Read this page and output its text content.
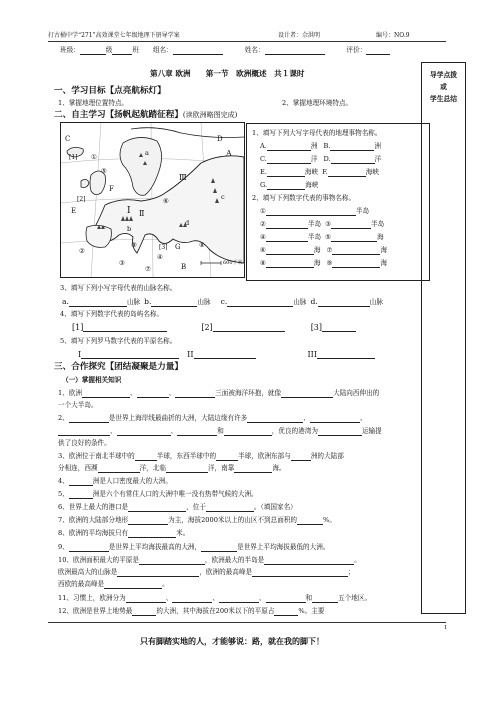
打古桶中学“271”高效课堂七年级地理下册导学案	设计者：佘洪明	编号：NO.9
班级：	级	班 组名：	姓名：	评价：
第八章 欧洲　　第一节　欧洲概述　共１课时	导学点拨
或
学生总结
一、学习目标【点亮航标灯】
1、掌握地理位置特点。	2、掌握地理环境特点。
二、自主学习【扬帆起航踏征程】(读欧洲略图完成)
600千米
A
B
C	D
E
F
G
Ⅰ Ⅱ
Ⅲ
①
②
③
④
⑤
⑥
⑦
⑧
⑨
[1]
[2]
[3]
a
b
c
d
1、填写下列大写字母代表的地理事物名称。
A.	洲 B.	洲
C.	洋 D.	洋
E.	海峡 F.	海峡
G.	海峡
2、填写下列数字代表的事物名称。
①	半岛
②	半岛 ③	半岛
④	半岛 ⑤	海
⑥	海 ⑦	海
⑧	海 ⑨	海
3、填写下列小写字母代表的山脉名称。
a.	山脉 b.	山脉 c.	山脉 d.	山脉
4、填写下列数字代表的岛屿名称。
[1]	[2]	[3]
5、填写下列罗马数字代表的平原名称。
I	II	III
三、合作探究【团结凝聚是力量】
（一）掌握相关知识
1、欧洲	、	、	三面被海洋环抱，就像	大陆向西伸出的
一个大半岛。
2、	是世界上海岸线最曲折的大洲，大陆边缘有许多	、	、
、	、	和	，优良的港湾为	运输提
供了良好的条件。
3、欧洲位于南北半球中的	半球，东西半球中的	半球，欧洲东部与	洲的大陆部
分相连，西濒	洋，北临	洋，南靠	海。
4、	洲是人口密度最大的大洲。
5、	洲是六个有常住人口的大洲中唯一没有热带气候的大洲。
6、世界上最大的港口是	，位于	。（填国家名）
7、欧洲的大陆部分地形	为主，海拔2000米以上的山区不到总面积的	%。
8、欧洲的平均海拔只有	米。
9、	是世界上平均海拔最高的大洲，	是世界上平均海拔最低的大洲。
10、欧洲面积最大的平原是	，欧洲最大的半岛是	。
欧洲最高大的山脉是	，欧洲的最高峰是	；
西欧的最高峰是	。
11、习惯上，欧洲分为	、	、	、	和	五个地区。
12、欧洲是世界上地势最	的大洲，其中海拔在200米以下的平原占	%。主要
1
只有脚踏实地的人，才能够说：路，就在我的脚下！
